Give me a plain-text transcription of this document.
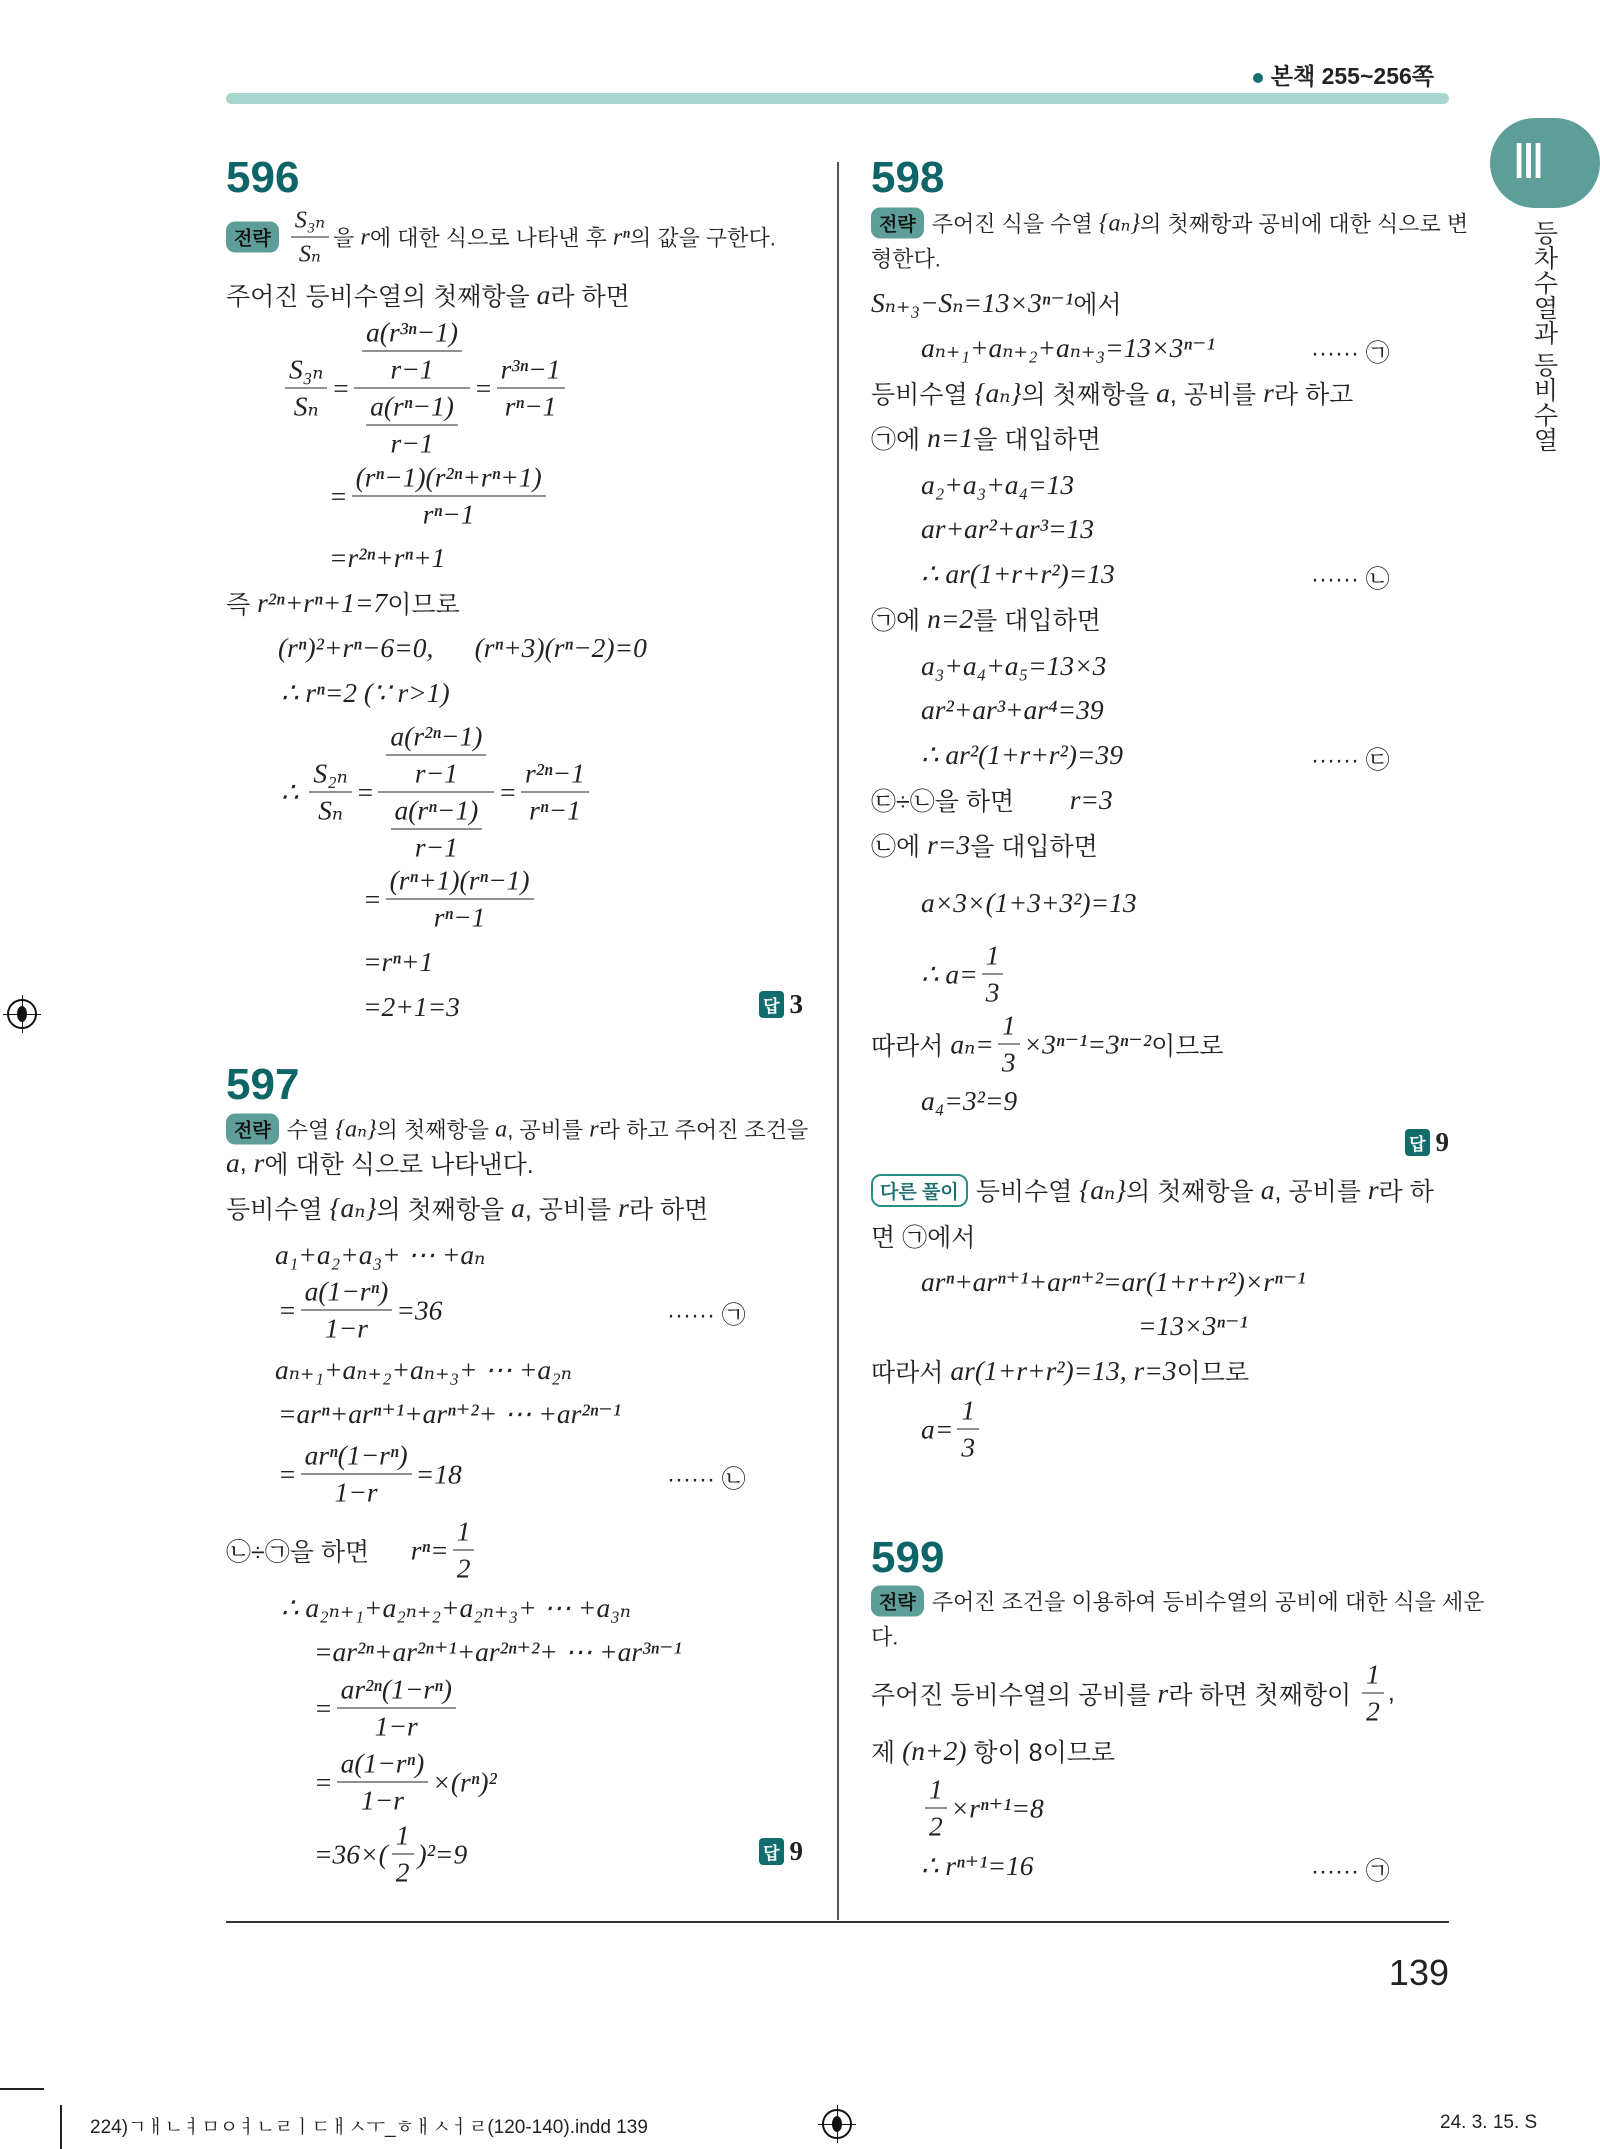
본책 255~256쪽
Ⅲ
등차수열과 등비수열
139
596
597
전략 $\frac{\text{S₃ₙ}}{\text{Sₙ}}$ 을 r 에 대한 식으로 나타낸 후 rⁿ 의 값을 구한다.
주어진 등비수열의 첫째항을 a 라 하면
$\frac{\text{S₃ₙ}}{\text{Sₙ}} = \frac{\frac{\text{a(r³ⁿ−1)}}{r-1}}{\frac{\text{a(rⁿ−1)}}{r-1}} = \frac{\text{r³ⁿ−1}}{\text{rⁿ−1}}$
= $\frac{\text{(rⁿ−1)(r²ⁿ+rⁿ+1)}}{\text{rⁿ−1}}$
=r²ⁿ+rⁿ+1
즉 r²ⁿ+rⁿ+1=7 이므로
(rⁿ)²+rⁿ−6=0,      (rⁿ+3)(rⁿ−2)=0
∴ rⁿ=2 (∵ r>1)
∴ $\frac{\text{S₂ₙ}}{\text{Sₙ}} = \frac{\frac{\text{a(r²ⁿ−1)}}{r-1}}{\frac{\text{a(rⁿ−1)}}{r-1}} = \frac{\text{r²ⁿ−1}}{\text{rⁿ−1}}$
= $\frac{\text{(rⁿ+1)(rⁿ−1)}}{\text{rⁿ−1}}$
=rⁿ+1
=2+1=3
전략 수열 {aₙ} 의 첫째항을 a , 공비를 r 라 하고 주어진 조건을
a , r 에 대한 식으로 나타낸다.
등비수열 {aₙ} 의 첫째항을 a , 공비를 r 라 하면
a₁+a₂+a₃+ ⋯ +aₙ
= $\frac{\text{a(1−rⁿ)}}{1-r} =36$
aₙ₊₁+aₙ₊₂+aₙ₊₃+ ⋯ +a₂ₙ
=arⁿ+arⁿ⁺¹+arⁿ⁺²+ ⋯ +ar²ⁿ⁻¹
= $\frac{\text{arⁿ(1−rⁿ)}}{1-r} =18$
㉡÷㉠을 하면 $r^n= \frac{1}{2}$
∴ a₂ₙ₊₁+a₂ₙ₊₂+a₂ₙ₊₃+ ⋯ +a₃ₙ
=ar²ⁿ+ar²ⁿ⁺¹+ar²ⁿ⁺²+ ⋯ +ar³ⁿ⁻¹
= $\frac{\text{ar²ⁿ(1−rⁿ)}}{1-r}$
= $\frac{\text{a(1−rⁿ)}}{1-r} \times(r^n)^2$
$=36\times( \frac{1}{2} )^2=9$
598
599
전략 주어진 식을 수열 {aₙ} 의 첫째항과 공비에 대한 식으로 변
형한다.
Sₙ₊₃−Sₙ=13×3ⁿ⁻¹ 에서
aₙ₊₁+aₙ₊₂+aₙ₊₃=13×3ⁿ⁻¹
등비수열 {aₙ} 의 첫째항을 a , 공비를 r 라 하고
㉠에 n=1 을 대입하면
a₂+a₃+a₄=13
ar+ar²+ar³=13
∴ ar(1+r+r²)=13
㉠에 n=2 를 대입하면
a₃+a₄+a₅=13×3
ar²+ar³+ar⁴=39
∴ ar²(1+r+r²)=39
㉢÷㉡을 하면 r=3
㉡에 r=3 을 대입하면
a×3×(1+3+3²)=13
∴ $a= \frac{1}{3}$
따라서 $a_n= \frac{1}{3} \times 3^{n-1}=3^{n-2}$ 이므로
a₄=3²=9
다른 풀이 등비수열 {aₙ} 의 첫째항을 a , 공비를 r 라 하
면 ㉠에서
arⁿ+arⁿ⁺¹+arⁿ⁺²=ar(1+r+r²)×rⁿ⁻¹
=13×3ⁿ⁻¹
따라서 ar(1+r+r²)=13, r=3 이므로
$a= \frac{1}{3}$
전략 주어진 조건을 이용하여 등비수열의 공비에 대한 식을 세운
다.
주어진 등비수열의 공비를 r 라 하면 첫째항이 $\frac{1}{2}$ ,
제 (n+2) 항이 8이므로
$\frac{1}{2} \times r^{n+1}=8$
∴ rⁿ⁺¹=16
224)ㄱㅐㄴㅕㅁㅇㅕㄴㄹㅣㄷㅐㅅㅜ_ㅎㅐㅅㅓㄹ(120-140).indd 139	24. 3. 15. S
답 3
······ ㉠
······ ㉡
답 9
······ ㉠
······ ㉡
······ ㉢
답 9
······ ㉠
